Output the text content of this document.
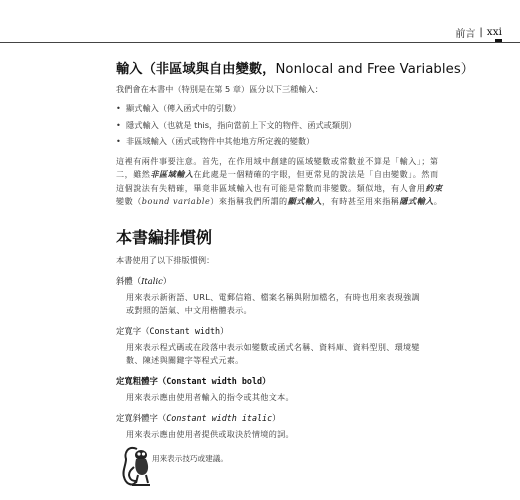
前言 | xxi
輸入（非區域與自由變數，Nonlocal and Free Variables）

我們會在本書中（特別是在第 5 章）區分以下三種輸入：

• 顯式輸入（傳入函式中的引數）
• 隱式輸入（也就是 this，指向當前上下文的物件、函式或類別）
• 非區域輸入（函式或物件中其他地方所定義的變數）
這裡有兩件事要注意。首先，在作用域中創建的區域變數或常數並不算是「輸入」；第
二，雖然非區域輸入在此處是一個精確的字眼，但更常見的說法是「自由變數」。然而
這個說法有失精確，畢竟非區域輸入也有可能是常數而非變數。類似地，有人會用約束
變數（bound variable）來指稱我們所謂的顯式輸入，有時甚至用來指稱隱式輸入。
本書編排慣例

本書使用了以下排版慣例：

斜體（Italic）
用來表示新術語、URL、電郵信箱、檔案名稱與附加檔名，有時也用來表現強調
或對照的語氣、中文用楷體表示。
定寬字（Constant width）
用來表示程式碼或在段落中表示如變數或函式名稱、資料庫、資料型別、環境變
數、陳述與關鍵字等程式元素。
定寬粗體字（Constant width bold）
用來表示應由使用者輸入的指令或其他文本。
定寬斜體字（Constant width italic）
用來表示應由使用者提供或取決於情境的詞。
用來表示技巧或建議。
